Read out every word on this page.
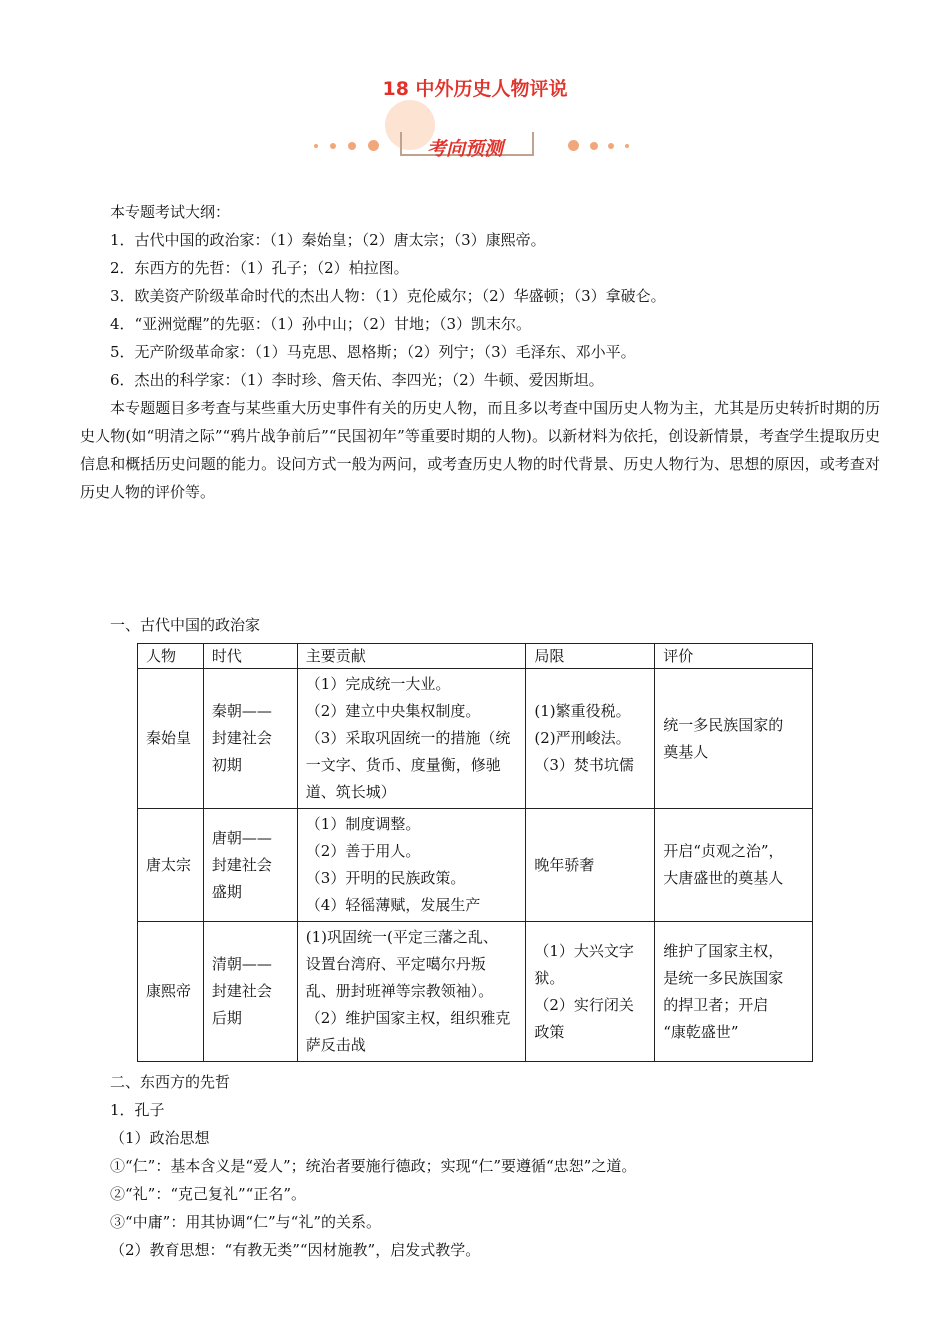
18 中外历史人物评说
考向预测
本专题考试大纲：
1．古代中国的政治家：（1）秦始皇；（2）唐太宗；（3）康熙帝。
2．东西方的先哲：（1）孔子；（2）柏拉图。
3．欧美资产阶级革命时代的杰出人物：（1）克伦威尔；（2）华盛顿；（3）拿破仑。
4．“亚洲觉醒”的先驱：（1）孙中山；（2）甘地；（3）凯末尔。
5．无产阶级革命家：（1）马克思、恩格斯；（2）列宁；（3）毛泽东、邓小平。
6．杰出的科学家：（1）李时珍、詹天佑、李四光；（2）牛顿、爱因斯坦。

本专题题目多考查与某些重大历史事件有关的历史人物，而且多以考查中国历史人物为主，尤其是历史转折时期的历史人物(如“明清之际”“鸦片战争前后”“民国初年”等重要时期的人物)。以新材料为依托，创设新情景，考查学生提取历史信息和概括历史问题的能力。设问方式一般为两问，或考查历史人物的时代背景、历史人物行为、思想的原因，或考查对历史人物的评价等。

一、古代中国的政治家
人物	时代	主要贡献	局限	评价
秦始皇	秦朝——
封建社会
初期	（1）完成统一大业。
（2）建立中央集权制度。
（3）采取巩固统一的措施（统
一文字、货币、度量衡，修驰
道、筑长城）	(1)繁重役税。
(2)严刑峻法。
（3）焚书坑儒	统一多民族国家的
奠基人

唐太宗	唐朝——
封建社会
盛期	（1）制度调整。
（2）善于用人。
（3）开明的民族政策。
（4）轻徭薄赋，发展生产	晚年骄奢	开启“贞观之治”，
大唐盛世的奠基人

康熙帝	清朝——
封建社会
后期	(1)巩固统一(平定三藩之乱、
设置台湾府、平定噶尔丹叛
乱、册封班禅等宗教领袖）。
（2）维护国家主权，组织雅克
萨反击战	（1）大兴文字
狱。
（2）实行闭关
政策	维护了国家主权，
是统一多民族国家
的捍卫者；开启
“康乾盛世”
二、东西方的先哲
1．孔子
（1）政治思想
①“仁”：基本含义是“爱人”；统治者要施行德政；实现“仁”要遵循“忠恕”之道。
②“礼”：“克己复礼”“正名”。
③“中庸”：用其协调“仁”与“礼”的关系。
（2）教育思想：“有教无类”“因材施教”，启发式教学。
